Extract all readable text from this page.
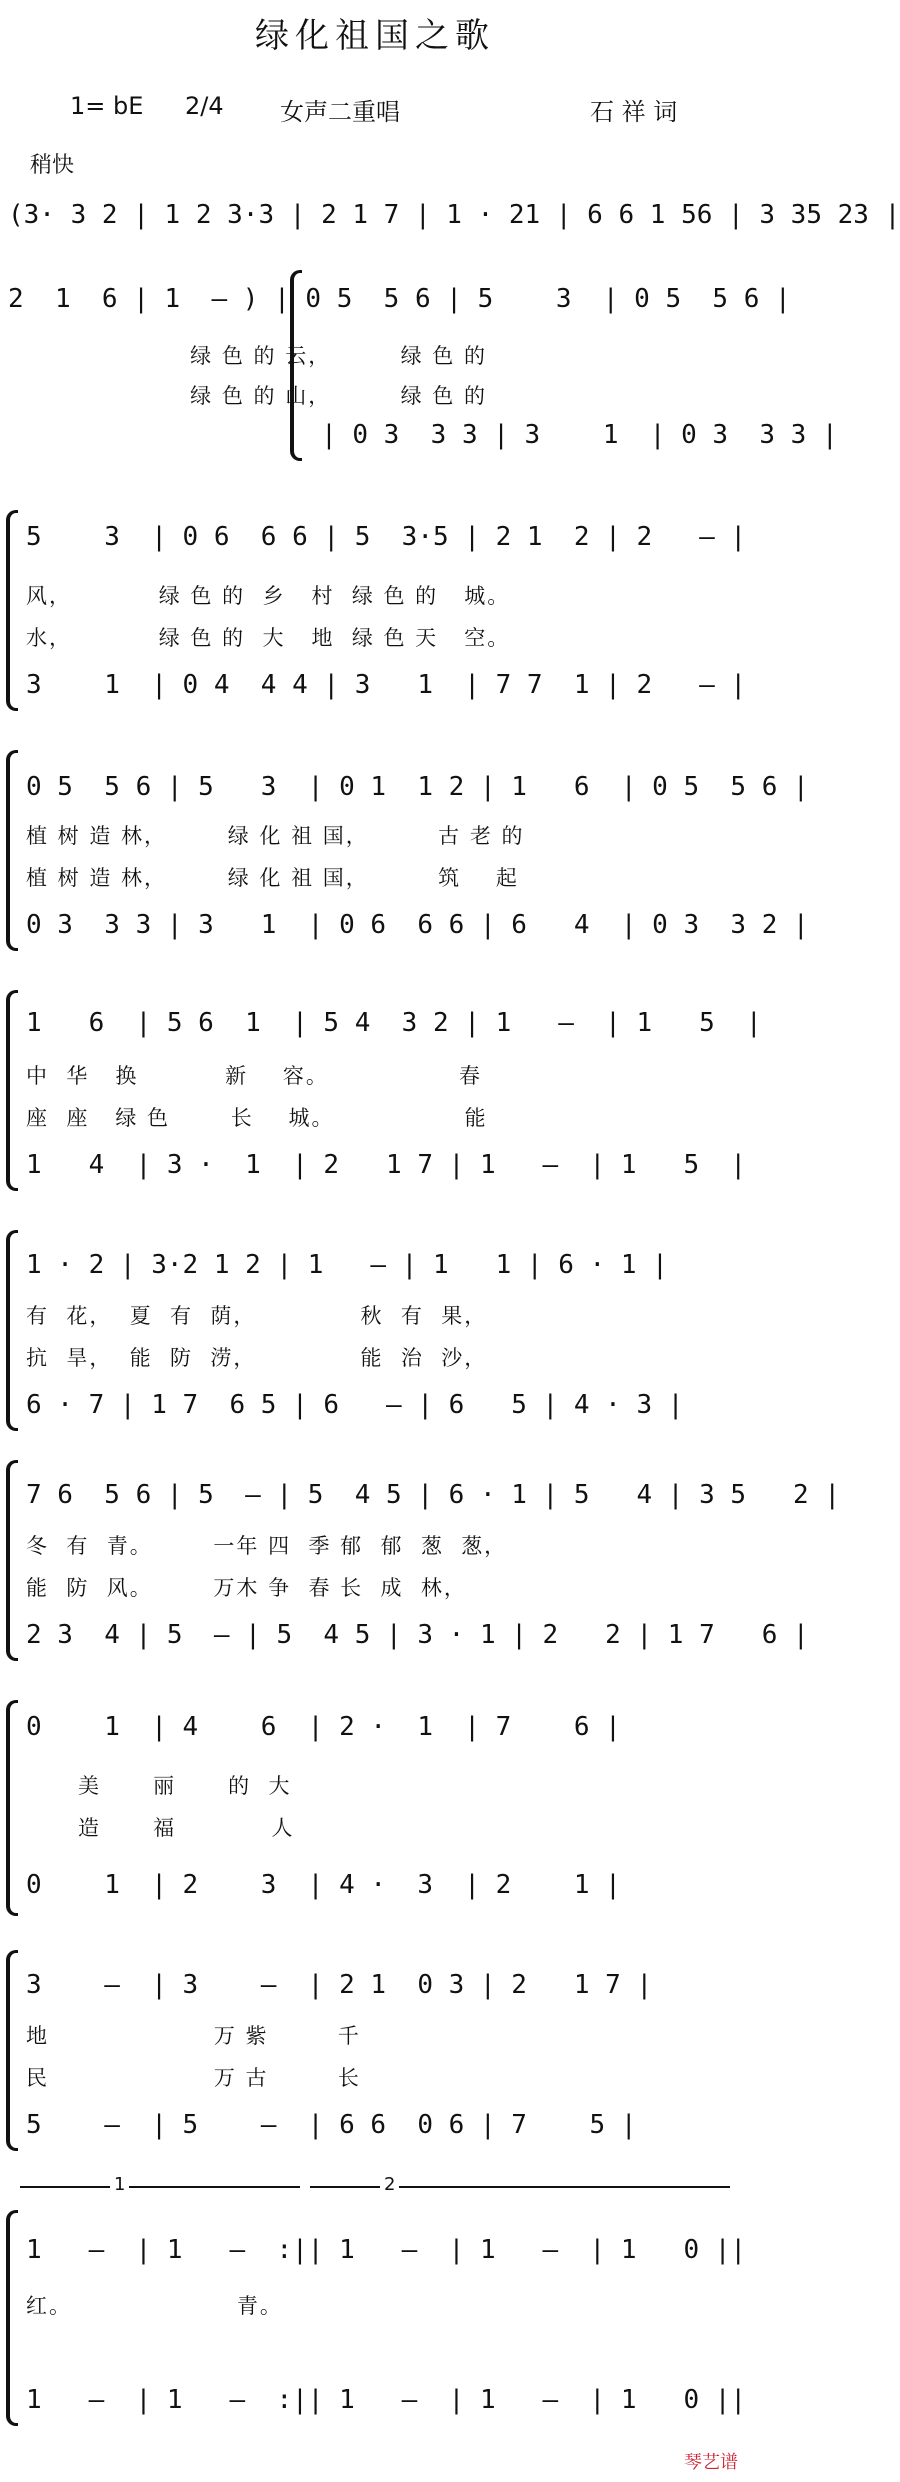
绿化祖国之歌
1= bE 2/4 女声二重唱	石 祥 词
稍快
(3· 3 2 | 1 2 3·3 | 2 1 7 | 1 · 21 | 6 6 1 56 | 3 35 23 |
2  1  6 | 1  — ) | 0 5  5 6 | 5    3  | 0 5  5 6 |
绿 色 的 云，        绿 色 的
绿 色 的 山，        绿 色 的
| 0 3  3 3 | 3    1  | 0 3  3 3 |
5    3  | 0 6  6 6 | 5  3·5 | 2 1  2 | 2   — |
风，          绿 色 的  乡   村  绿 色 的   城。
水，          绿 色 的  大   地  绿 色 天   空。
3    1  | 0 4  4 4 | 3   1  | 7 7  1 | 2   — |
0 5  5 6 | 5   3  | 0 1  1 2 | 1   6  | 0 5  5 6 |
植 树 造 林，       绿 化 祖 国，        古 老 的
植 树 造 林，       绿 化 祖 国，        筑    起
0 3  3 3 | 3   1  | 0 6  6 6 | 6   4  | 0 3  3 2 |
1   6  | 5 6  1  | 5 4  3 2 | 1   —  | 1   5  |
中  华   换          新    容。               春
座  座   绿 色       长    城。               能
1   4  | 3 ·  1  | 2   1 7 | 1   —  | 1   5  |
1 · 2 | 3·2 1 2 | 1   — | 1   1 | 6 · 1 |
有  花，  夏  有  荫，            秋  有  果，
抗  旱，  能  防  涝，            能  治  沙，
6 · 7 | 1 7  6 5 | 6   — | 6   5 | 4 · 3 |
7 6  5 6 | 5  — | 5  4 5 | 6 · 1 | 5   4 | 3 5   2 |
冬  有  青。       一年 四  季 郁  郁  葱  葱，
能  防  风。       万木 争  春 长  成  林，
2 3  4 | 5  — | 5  4 5 | 3 · 1 | 2   2 | 1 7   6 |
0    1  | 4    6  | 2 ·  1  | 7    6 |
美      丽      的  大
造      福           人
0    1  | 2    3  | 4 ·  3  | 2    1 |
3    —  | 3    —  | 2 1  0 3 | 2   1 7 |
地                   万 紫        千
民                   万 古        长
5    —  | 5    —  | 6 6  0 6 | 7    5 |
1	2
1   —  | 1   —  :|| 1   —  | 1   —  | 1   0 ||
红。                   青。
1   —  | 1   —  :|| 1   —  | 1   —  | 1   0 ||
琴艺谱
